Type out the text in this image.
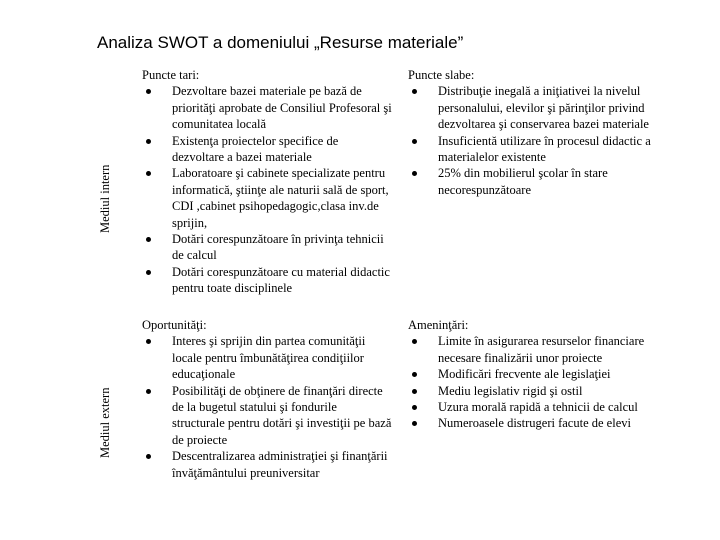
Analiza SWOT a domeniului „Resurse materiale”
Mediul intern
Mediul extern
Puncte tari:
Dezvoltare bazei materiale pe bază de priorităţi aprobate de Consiliul Profesoral şi comunitatea locală
Existenţa proiectelor specifice de dezvoltare a bazei materiale
Laboratoare şi cabinete specializate pentru informatică, ştiinţe ale naturii sală de sport, CDI ,cabinet psihopedagogic,clasa inv.de sprijin,
Dotări corespunzătoare în privinţa tehnicii de calcul
Dotări corespunzătoare cu material didactic pentru toate disciplinele
Puncte slabe:
Distribuţie inegală a iniţiativei la nivelul personalului, elevilor şi părinţilor privind dezvoltarea şi conservarea bazei materiale
Insuficientă utilizare în procesul didactic a materialelor existente
25% din mobilierul şcolar în stare necorespunzătoare
Oportunităţi:
Interes şi sprijin din partea comunităţii locale pentru îmbunătăţirea condiţiilor educaţionale
Posibilităţi de obţinere de finanţări directe de la bugetul statului şi fondurile structurale pentru dotări şi investiţii pe bază de proiecte
Descentralizarea administraţiei şi finanţării învăţământului preuniversitar
Ameninţări:
Limite în asigurarea resurselor financiare necesare finalizării unor proiecte
Modificări frecvente ale legislaţiei
Mediu legislativ rigid şi ostil
Uzura morală rapidă a tehnicii de calcul
Numeroasele distrugeri facute de elevi
